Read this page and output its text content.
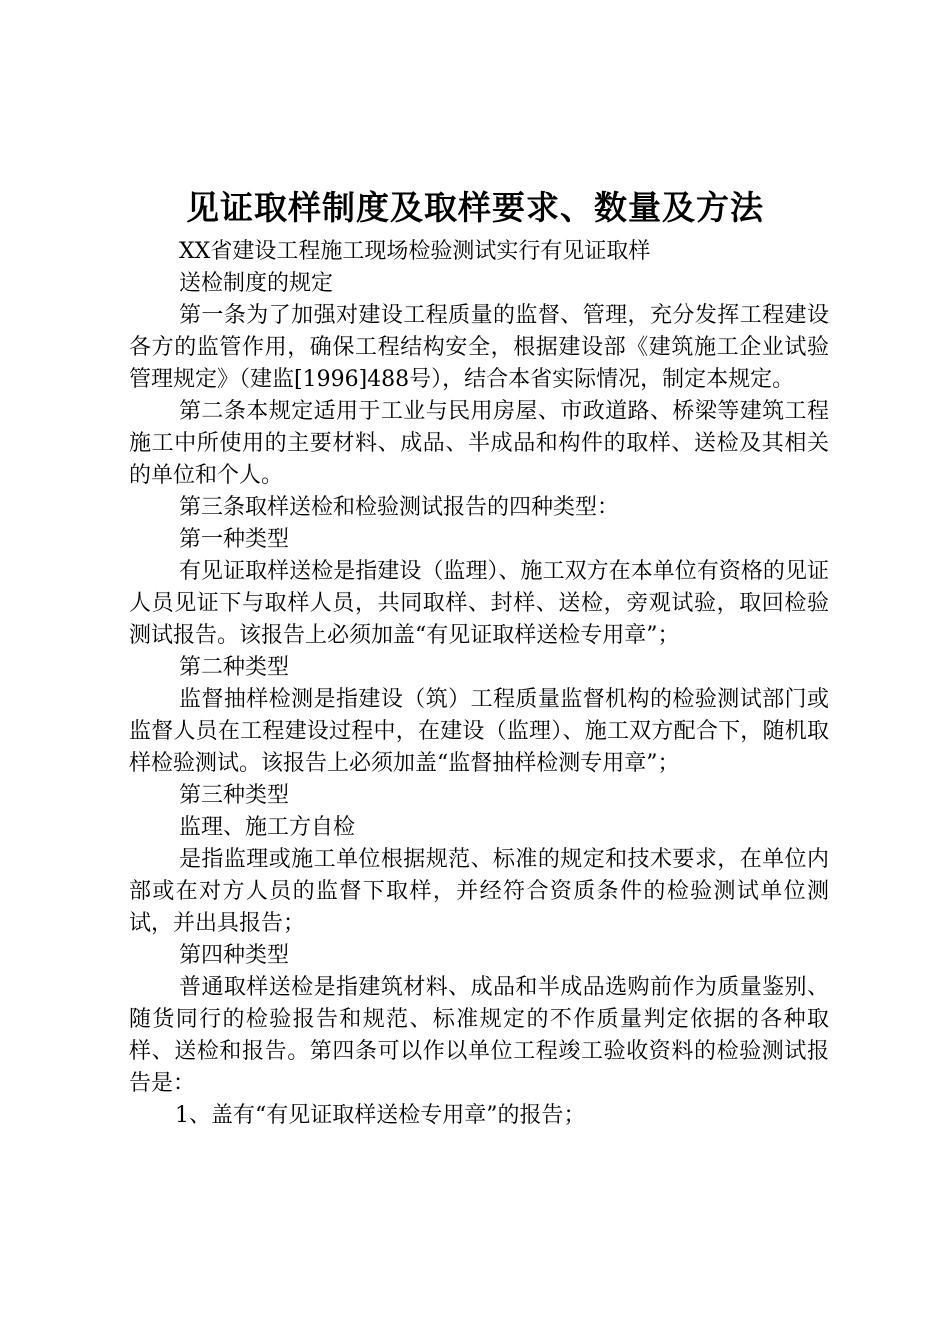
见证取样制度及取样要求、数量及方法

XX省建设工程施工现场检验测试实行有见证取样

送检制度的规定

第一条为了加强对建设工程质量的监督、管理，充分发挥工程建设各方的监管作用，确保工程结构安全，根据建设部《建筑施工企业试验管理规定》（建监[1996]488号），结合本省实际情况，制定本规定。

第二条本规定适用于工业与民用房屋、市政道路、桥梁等建筑工程施工中所使用的主要材料、成品、半成品和构件的取样、送检及其相关的单位和个人。

第三条取样送检和检验测试报告的四种类型：

第一种类型

有见证取样送检是指建设（监理）、施工双方在本单位有资格的见证人员见证下与取样人员，共同取样、封样、送检，旁观试验，取回检验测试报告。该报告上必须加盖“有见证取样送检专用章”；

第二种类型

监督抽样检测是指建设（筑）工程质量监督机构的检验测试部门或监督人员在工程建设过程中，在建设（监理）、施工双方配合下，随机取样检验测试。该报告上必须加盖“监督抽样检测专用章”；

第三种类型

监理、施工方自检

是指监理或施工单位根据规范、标准的规定和技术要求，在单位内部或在对方人员的监督下取样，并经符合资质条件的检验测试单位测试，并出具报告；

第四种类型

普通取样送检是指建筑材料、成品和半成品选购前作为质量鉴别、随货同行的检验报告和规范、标准规定的不作质量判定依据的各种取样、送检和报告。第四条可以作以单位工程竣工验收资料的检验测试报告是：

1、盖有“有见证取样送检专用章”的报告；
